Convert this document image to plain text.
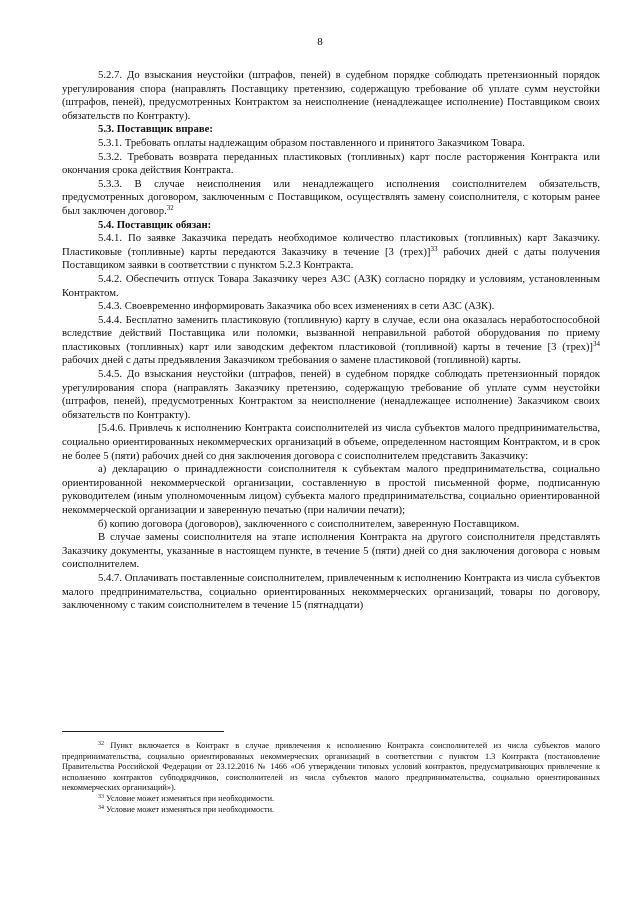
8

5.2.7. До взыскания неустойки (штрафов, пеней) в судебном порядке соблюдать претензионный порядок урегулирования спора (направлять Поставщику претензию, содержащую требование об уплате сумм неустойки (штрафов, пеней), предусмотренных Контрактом за неисполнение (ненадлежащее исполнение) Поставщиком своих обязательств по Контракту).

5.3. Поставщик вправе:

5.3.1. Требовать оплаты надлежащим образом поставленного и принятого Заказчиком Товара.

5.3.2. Требовать возврата переданных пластиковых (топливных) карт после расторжения Контракта или окончания срока действия Контракта.

5.3.3. В случае неисполнения или ненадлежащего исполнения соисполнителем обязательств, предусмотренных договором, заключенным с Поставщиком, осуществлять замену соисполнителя, с которым ранее был заключен договор.$^{32}$

5.4. Поставщик обязан:

5.4.1. По заявке Заказчика передать необходимое количество пластиковых (топливных) карт Заказчику. Пластиковые (топливные) карты передаются Заказчику в течение [3 (трех)]$^{33}$ рабочих дней с даты получения Поставщиком заявки в соответствии с пунктом 5.2.3 Контракта.

5.4.2. Обеспечить отпуск Товара Заказчику через АЗС (АЗК) согласно порядку и условиям, установленным Контрактом.

5.4.3. Своевременно информировать Заказчика обо всех изменениях в сети АЗС (АЗК).

5.4.4. Бесплатно заменить пластиковую (топливную) карту в случае, если она оказалась неработоспособной вследствие действий Поставщика или поломки, вызванной неправильной работой оборудования по приему пластиковых (топливных) карт или заводским дефектом пластиковой (топливной) карты в течение [3 (трех)]$^{34}$ рабочих дней с даты предъявления Заказчиком требования о замене пластиковой (топливной) карты.

5.4.5. До взыскания неустойки (штрафов, пеней) в судебном порядке соблюдать претензионный порядок урегулирования спора (направлять Заказчику претензию, содержащую требование об уплате сумм неустойки (штрафов, пеней), предусмотренных Контрактом за неисполнение (ненадлежащее исполнение) Заказчиком своих обязательств по Контракту).

[5.4.6. Привлечь к исполнению Контракта соисполнителей из числа субъектов малого предпринимательства, социально ориентированных некоммерческих организаций в объеме, определенном настоящим Контрактом, и в срок не более 5 (пяти) рабочих дней со дня заключения договора с соисполнителем представить Заказчику:

а) декларацию о принадлежности соисполнителя к субъектам малого предпринимательства, социально ориентированной некоммерческой организации, составленную в простой письменной форме, подписанную руководителем (иным уполномоченным лицом) субъекта малого предпринимательства, социально ориентированной некоммерческой организации и заверенную печатью (при наличии печати);

б) копию договора (договоров), заключенного с соисполнителем, заверенную Поставщиком.

В случае замены соисполнителя на этапе исполнения Контракта на другого соисполнителя представлять Заказчику документы, указанные в настоящем пункте, в течение 5 (пяти) дней со дня заключения договора с новым соисполнителем.

5.4.7. Оплачивать поставленные соисполнителем, привлеченным к исполнению Контракта из числа субъектов малого предпринимательства, социально ориентированных некоммерческих организаций, товары по договору, заключенному с таким соисполнителем в течение 15 (пятнадцати)

$^{32}$ Пункт включается в Контракт в случае привлечения к исполнению Контракта соисполнителей из числа субъектов малого предпринимательства, социально ориентированных некоммерческих организаций в соответствии с пунктом 1.3 Контракта (постановление Правительства Российской Федерации от 23.12.2016 № 1466 «Об утверждении типовых условий контрактов, предусматривающих привлечение к исполнению контрактов субподрядчиков, соисполнителей из числа субъектов малого предпринимательства, социально ориентированных некоммерческих организаций»).

$^{33}$ Условие может изменяться при необходимости.

$^{34}$ Условие может изменяться при необходимости.
